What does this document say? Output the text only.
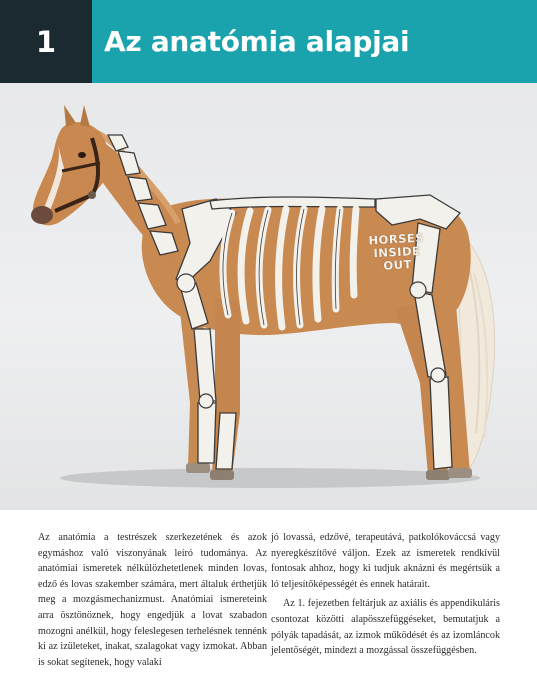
1	Az anatómia alapjai
HORSES
INSIDE
OUT

Az anatómia a testrészek szerkezetének és azok egymáshoz való viszonyának leíró tudománya. Az anatómiai ismeretek nélkülözhetetlenek minden lovas, edző és lovas szakember számára, mert általuk érthetjük meg a mozgásmechanizmust. Anatómiai ismereteink arra ösztönöznek, hogy engedjük a lovat szabadon mozogni anélkül, hogy feleslegesen terhelésnek tennénk ki az izületeket, inakat, szalagokat vagy izmokat. Abban is sokat segítenek, hogy valaki

jó lovassá, edzővé, terapeutává, patkolókováccsá vagy nyeregkészítővé váljon. Ezek az ismeretek rendkívül fontosak ahhoz, hogy ki tudjuk aknázni és megértsük a ló teljesítőképességét és ennek határait.

Az 1. fejezetben feltárjuk az axiális és appendikuláris csontozat közötti alapösszefüggéseket, bemutatjuk a pólyák tapadását, az izmok működését és az izomláncok jelentőségét, mindezt a mozgással összefüggésben.
